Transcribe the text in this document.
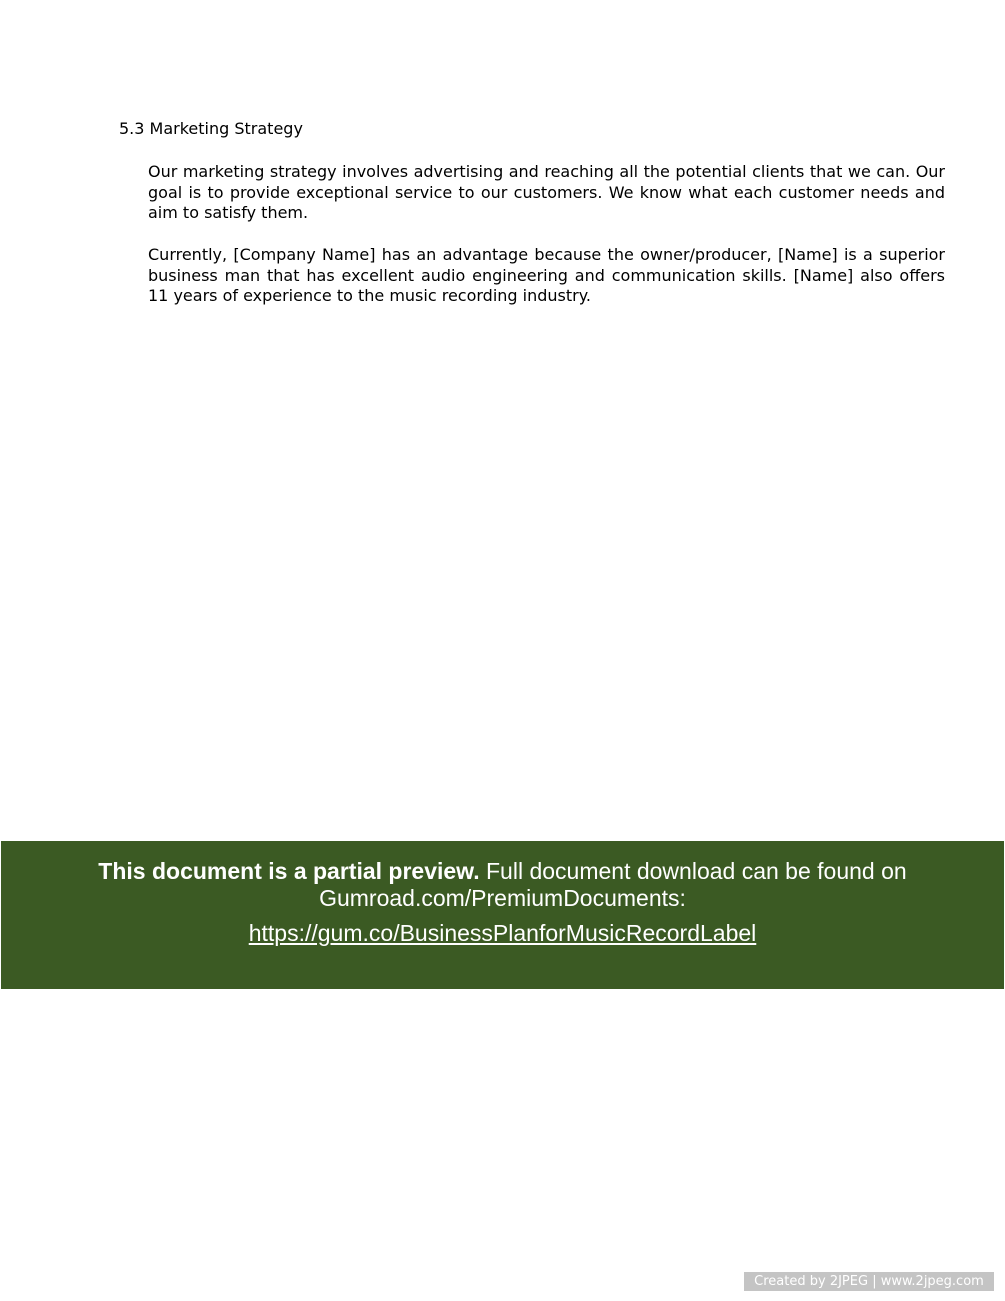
5.3 Marketing Strategy

Our marketing strategy involves advertising and reaching all the potential clients that we can. Our goal is to provide exceptional service to our customers. We know what each customer needs and aim to satisfy them.

Currently, [Company Name] has an advantage because the owner/producer, [Name] is a superior business man that has excellent audio engineering and communication skills. [Name] also offers 11 years of experience to the music recording industry.

This document is a partial preview. Full document download can be found on

Gumroad.com/PremiumDocuments:

https://gum.co/BusinessPlanforMusicRecordLabel
Created by 2JPEG | www.2jpeg.com
